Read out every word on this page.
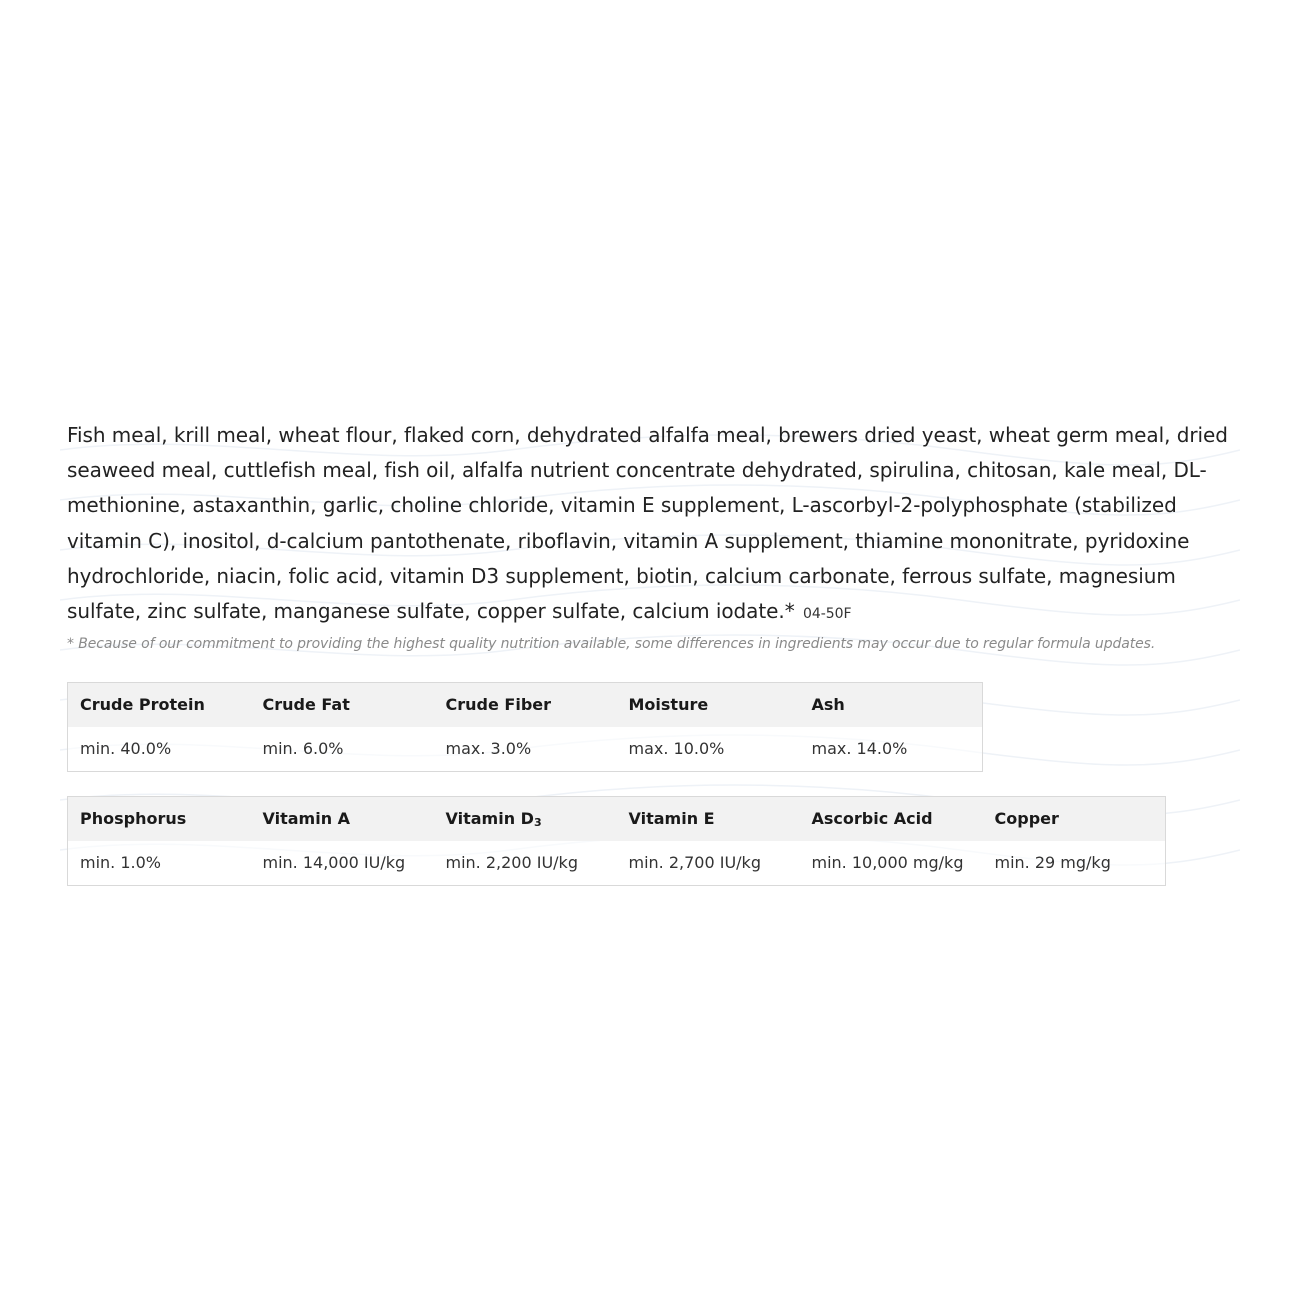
Fish meal, krill meal, wheat flour, flaked corn, dehydrated alfalfa meal, brewers dried yeast, wheat germ meal, dried seaweed meal, cuttlefish meal, fish oil, alfalfa nutrient concentrate dehydrated, spirulina, chitosan, kale meal, DL-methionine, astaxanthin, garlic, choline chloride, vitamin E supplement, L-ascorbyl-2-polyphosphate (stabilized vitamin C), inositol, d-calcium pantothenate, riboflavin, vitamin A supplement, thiamine mononitrate, pyridoxine hydrochloride, niacin, folic acid, vitamin D3 supplement, biotin, calcium carbonate, ferrous sulfate, magnesium sulfate, zinc sulfate, manganese sulfate, copper sulfate, calcium iodate.* 04-50F

* Because of our commitment to providing the highest quality nutrition available, some differences in ingredients may occur due to regular formula updates.

Crude Protein	Crude Fat	Crude Fiber	Moisture	Ash
min. 40.0%	min. 6.0%	max. 3.0%	max. 10.0%	max. 14.0%
Phosphorus	Vitamin A	Vitamin $D_3$	Vitamin E	Ascorbic Acid	Copper
min. 1.0%	min. 14,000 IU/kg	min. 2,200 IU/kg	min. 2,700 IU/kg	min. 10,000 mg/kg	min. 29 mg/kg
